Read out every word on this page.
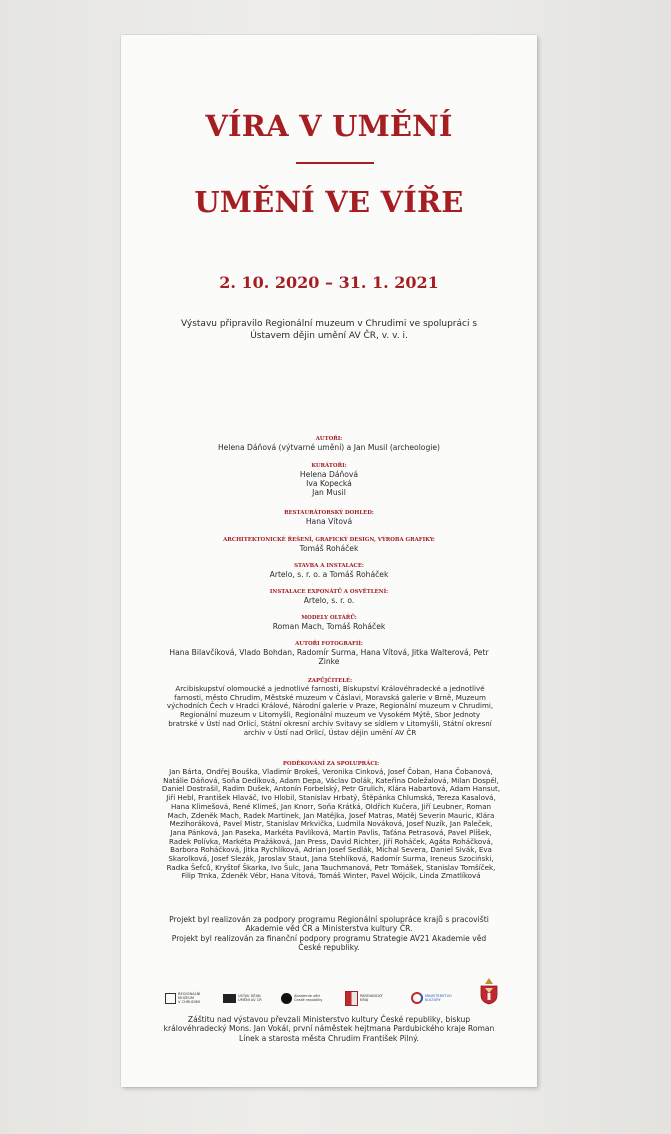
VÍRA V UMĚNÍ
UMĚNÍ VE VÍŘE
2. 10. 2020 – 31. 1. 2021
Výstavu připravilo Regionální muzeum v Chrudimi ve spolupráci s Ústavem dějin umění AV ČR, v. v. i.
AUTOŘI:
Helena Dáňová (výtvarné umění) a Jan Musil (archeologie)
KURÁTOŘI:
Helena Dáňová
Iva Kopecká
Jan Musil
RESTAURÁTORSKÝ DOHLED:
Hana Vítová
ARCHITEKTONICKÉ ŘEŠENÍ, GRAFICKÝ DESIGN, VÝROBA GRAFIKY:
Tomáš Roháček
STAVBA A INSTALACE:
Artelo, s. r. o. a Tomáš Roháček
INSTALACE EXPONÁTŮ A OSVĚTLENÍ:
Artelo, s. r. o.
MODELY OLTÁŘŮ:
Roman Mach, Tomáš Roháček
AUTOŘI FOTOGRAFIÍ:
Hana Bilavčíková, Vlado Bohdan, Radomír Surma, Hana Vítová, Jitka Walterová, Petr Zinke
ZAPŮJČITELÉ:
Arcibiskupství olomoucké a jednotlivé farnosti, Biskupství Královéhradecké a jednotlivé farnosti, město Chrudim, Městské muzeum v Čáslavi, Moravská galerie v Brně, Muzeum východních Čech v Hradci Králové, Národní galerie v Praze, Regionální muzeum v Chrudimi, Regionální muzeum v Litomyšli, Regionální muzeum ve Vysokém Mýtě, Sbor Jednoty bratrské v Ústí nad Orlicí, Státní okresní archiv Svitavy se sídlem v Litomyšli, Státní okresní archiv v Ústí nad Orlicí, Ústav dějin umění AV ČR
PODĚKOVÁNÍ ZA SPOLUPRÁCI:
Jan Bárta, Ondřej Bouška, Vladimír Brokeš, Veronika Cinková, Josef Čoban, Hana Čobanová, Natálie Dáňová, Soňa Dedíková, Adam Depa, Václav Dolák, Kateřina Doležalová, Milan Dospěl, Daniel Dostrašil, Radim Dušek, Antonín Forbelský, Petr Grulich, Klára Habartová, Adam Hansut, Jiří Hebl, František Hlaváč, Ivo Hlobil, Stanislav Hrbatý, Štěpánka Chlumská, Tereza Kasalová, Hana Klimešová, René Klimeš, Jan Knorr, Soňa Krátká, Oldřich Kučera, Jiří Leubner, Roman Mach, Zdeněk Mach, Radek Martinek, Jan Matějka, Josef Matras, Matěj Severin Mauric, Klára Mezihoráková, Pavel Mistr, Stanislav Mrkvička, Ludmila Nováková, Josef Nuzík, Jan Paleček, Jana Pánková, Jan Paseka, Markéta Pavlíková, Martin Pavlis, Taťána Petrasová, Pavel Plíšek, Radek Polívka, Markéta Pražáková, Jan Press, David Richter, Jiří Roháček, Agáta Roháčková, Barbora Roháčková, Jitka Rychlíková, Adrian Josef Sedlák, Michal Severa, Daniel Sivák, Eva Skarolková, Josef Slezák, Jaroslav Staut, Jana Stehlíková, Radomír Surma, Ireneus Szociński, Radka Šefců, Kryštof Škarka, Ivo Šulc, Jana Tauchmanová, Petr Tomášek, Stanislav Tomšíček, Filip Trnka, Zdeněk Vébr, Hana Vítová, Tomáš Winter, Pavel Wójcik, Linda Zmatlíková
Projekt byl realizován za podpory programu Regionální spolupráce krajů s pracovišti Akademie věd ČR a Ministerstva kultury ČR.
Projekt byl realizován za finanční podpory programu Strategie AV21 Akademie věd České republiky.
REGIONÁLNÍ
MUZEUM
V CHRUDIMI
ÚSTAV DĚJIN
UMĚNÍ AV ČR
Akademie věd
České republiky
PARDUBICKÝ
KRAJ
MINISTERSTVO
KULTURY
Záštitu nad výstavou převzali Ministerstvo kultury České republiky, biskup královéhradecký Mons. Jan Vokál, první náměstek hejtmana Pardubického kraje Roman Línek a starosta města Chrudim František Pilný.
